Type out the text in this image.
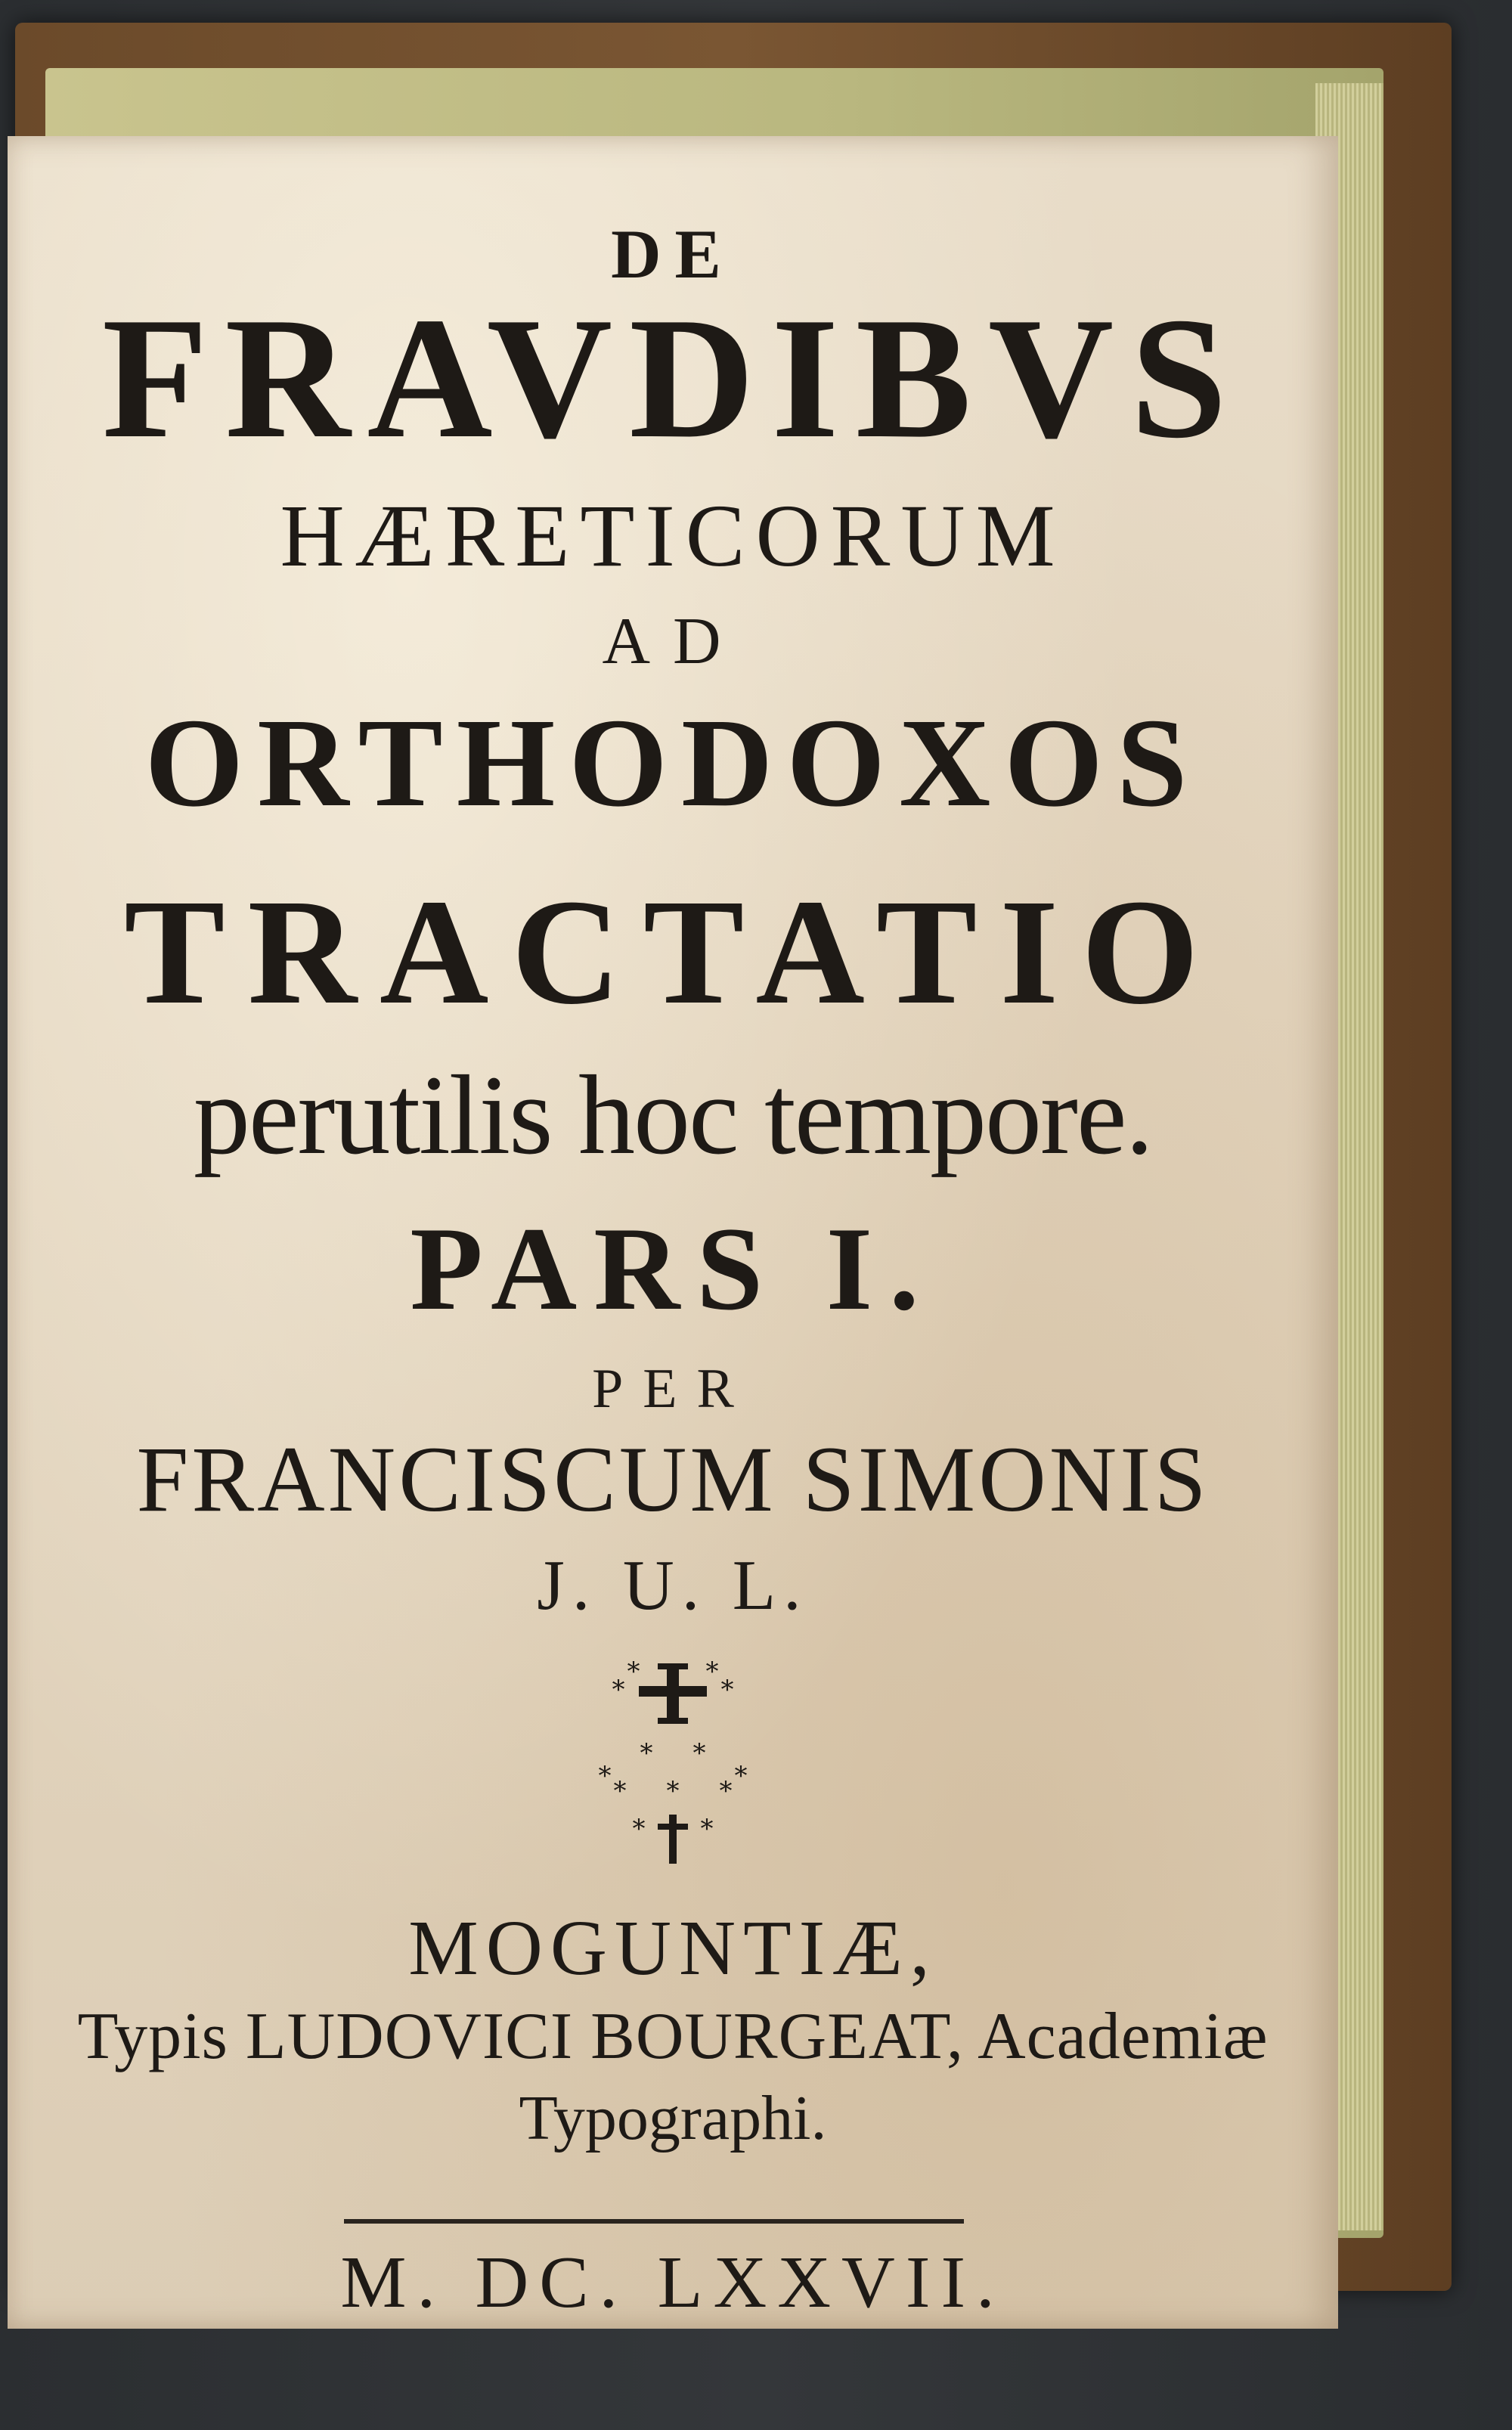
DE

FRAVDIBVS

HÆRETICORUM

AD

ORTHODOXOS

TRACTATIO

perutilis hoc tempore.

PARS I.

PER

FRANCISCUM SIMONIS

J. U. L.

*	*
*	*
* *
* * *
* *
*	*

MOGUNTIÆ,

Typis LUDOVICI BOURGEAT, Academiæ

Typographi.

M. DC. LXXVII.
